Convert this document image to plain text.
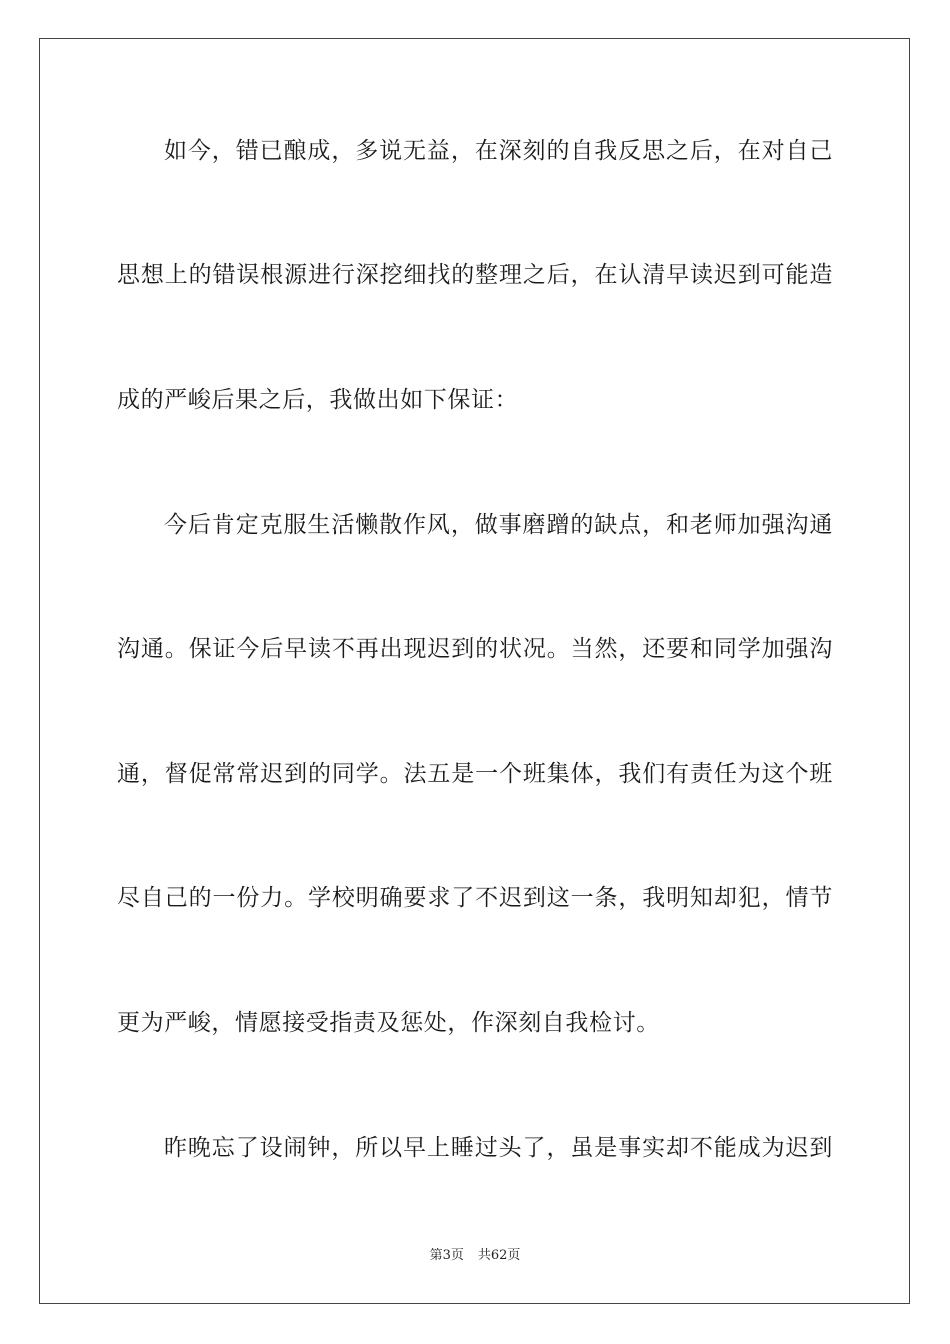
如今，错已酿成，多说无益，在深刻的自我反思之后，在对自己
思想上的错误根源进行深挖细找的整理之后，在认清早读迟到可能造
成的严峻后果之后，我做出如下保证：
今后肯定克服生活懒散作风，做事磨蹭的缺点，和老师加强沟通
沟通。保证今后早读不再出现迟到的状况。当然，还要和同学加强沟
通，督促常常迟到的同学。法五是一个班集体，我们有责任为这个班
尽自己的一份力。学校明确要求了不迟到这一条，我明知却犯，情节
更为严峻，情愿接受指责及惩处，作深刻自我检讨。
昨晚忘了设闹钟，所以早上睡过头了，虽是事实却不能成为迟到
第3页 共62页
